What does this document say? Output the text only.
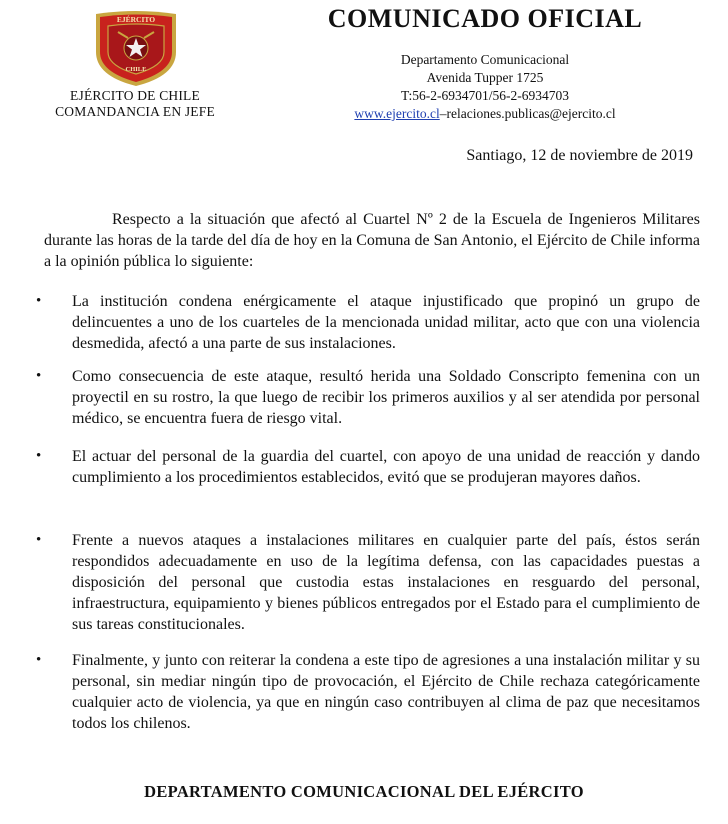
EJÉRCITO
CHILE
EJÉRCITO DE CHILE
COMANDANCIA EN JEFE
COMUNICADO OFICIAL
Departamento Comunicacional
Avenida Tupper 1725
T:56-2-6934701/56-2-6934703
www.ejercito.cl–relaciones.publicas@ejercito.cl
Santiago, 12 de noviembre de 2019
Respecto a la situación que afectó al Cuartel Nº 2 de la Escuela de Ingenieros Militares durante las horas de la tarde del día de hoy en la Comuna de San Antonio, el Ejército de Chile informa a la opinión pública lo siguiente:
• La institución condena enérgicamente el ataque injustificado que propinó un grupo de delincuentes a uno de los cuarteles de la mencionada unidad militar, acto que con una violencia desmedida, afectó a una parte de sus instalaciones.
• Como consecuencia de este ataque, resultó herida una Soldado Conscripto femenina con un proyectil en su rostro, la que luego de recibir los primeros auxilios y al ser atendida por personal médico, se encuentra fuera de riesgo vital.
• El actuar del personal de la guardia del cuartel, con apoyo de una unidad de reacción y dando cumplimiento a los procedimientos establecidos, evitó que se produjeran mayores daños.
• Frente a nuevos ataques a instalaciones militares en cualquier parte del país, éstos serán respondidos adecuadamente en uso de la legítima defensa, con las capacidades puestas a disposición del personal que custodia estas instalaciones en resguardo del personal, infraestructura, equipamiento y bienes públicos entregados por el Estado para el cumplimiento de sus tareas constitucionales.
• Finalmente, y junto con reiterar la condena a este tipo de agresiones a una instalación militar y su personal, sin mediar ningún tipo de provocación, el Ejército de Chile rechaza categóricamente cualquier acto de violencia, ya que en ningún caso contribuyen al clima de paz que necesitamos todos los chilenos.
DEPARTAMENTO COMUNICACIONAL DEL EJÉRCITO
